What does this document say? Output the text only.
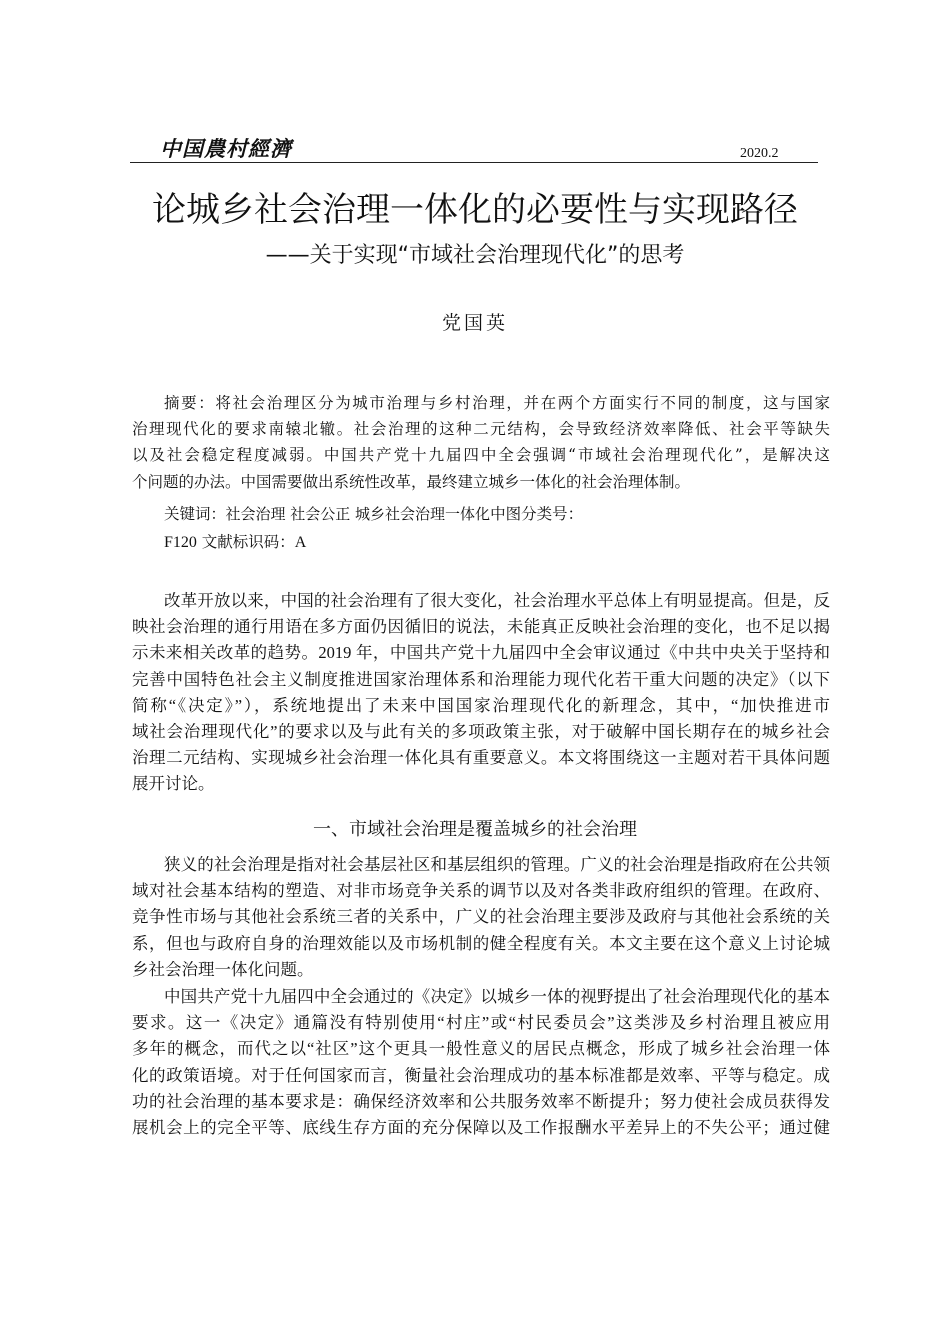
中国農村經濟	2020.2
论城乡社会治理一体化的必要性与实现路径
——关于实现“市域社会治理现代化”的思考
党国英
摘要：将社会治理区分为城市治理与乡村治理，并在两个方面实行不同的制度，这与国家
治理现代化的要求南辕北辙。社会治理的这种二元结构，会导致经济效率降低、社会平等缺失
以及社会稳定程度减弱。中国共产党十九届四中全会强调“市域社会治理现代化”，是解决这
个问题的办法。中国需要做出系统性改革，最终建立城乡一体化的社会治理体制。
关键词：社会治理 社会公正 城乡社会治理一体化中图分类号：
F120 文献标识码：A
改革开放以来，中国的社会治理有了很大变化，社会治理水平总体上有明显提高。但是，反
映社会治理的通行用语在多方面仍因循旧的说法，未能真正反映社会治理的变化，也不足以揭
示未来相关改革的趋势。2019 年，中国共产党十九届四中全会审议通过《中共中央关于坚持和
完善中国特色社会主义制度推进国家治理体系和治理能力现代化若干重大问题的决定》（以下
简称“《决定》”），系统地提出了未来中国国家治理现代化的新理念，其中，“加快推进市
域社会治理现代化”的要求以及与此有关的多项政策主张，对于破解中国长期存在的城乡社会
治理二元结构、实现城乡社会治理一体化具有重要意义。本文将围绕这一主题对若干具体问题
展开讨论。
一、市域社会治理是覆盖城乡的社会治理
狭义的社会治理是指对社会基层社区和基层组织的管理。广义的社会治理是指政府在公共领
域对社会基本结构的塑造、对非市场竞争关系的调节以及对各类非政府组织的管理。在政府、
竞争性市场与其他社会系统三者的关系中，广义的社会治理主要涉及政府与其他社会系统的关
系，但也与政府自身的治理效能以及市场机制的健全程度有关。本文主要在这个意义上讨论城
乡社会治理一体化问题。
中国共产党十九届四中全会通过的《决定》以城乡一体的视野提出了社会治理现代化的基本
要求。这一《决定》通篇没有特别使用“村庄”或“村民委员会”这类涉及乡村治理且被应用
多年的概念，而代之以“社区”这个更具一般性意义的居民点概念，形成了城乡社会治理一体
化的政策语境。对于任何国家而言，衡量社会治理成功的基本标准都是效率、平等与稳定。成
功的社会治理的基本要求是：确保经济效率和公共服务效率不断提升；努力使社会成员获得发
展机会上的完全平等、底线生存方面的充分保障以及工作报酬水平差异上的不失公平；通过健
